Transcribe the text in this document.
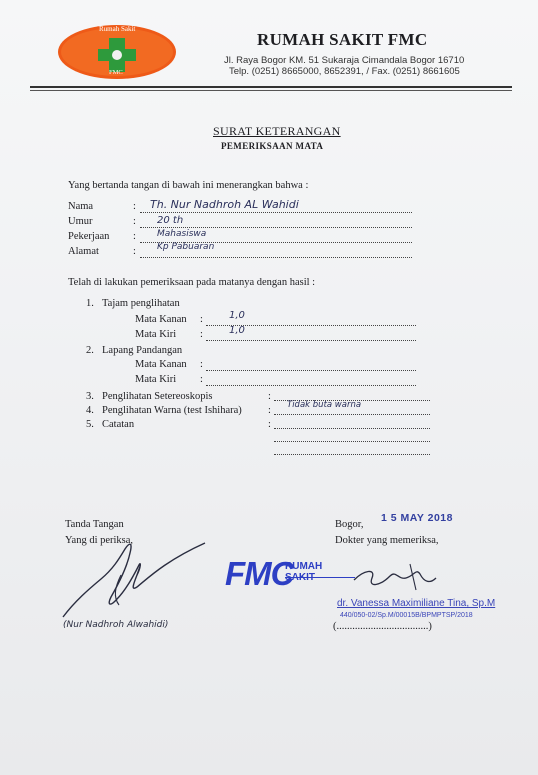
Rumah Sakit
FMC
RUMAH SAKIT FMC
Jl. Raya Bogor KM. 51 Sukaraja Cimandala Bogor 16710
Telp. (0251) 8665000, 8652391, / Fax. (0251) 8661605
SURAT KETERANGAN
PEMERIKSAAN MATA
Yang bertanda tangan di bawah ini menerangkan bahwa :
Nama	: Th. Nur Nadhroh AL Wahidi
Umur	: 20 th
Pekerjaan : Mahasiswa
Alamat	: Kp Pabuaran
Telah di lakukan pemeriksaan pada matanya dengan hasil :
1. Tajam penglihatan
Mata Kanan :	1,0
Mata Kiri :	1,0
2. Lapang Pandangan
Mata Kanan :
Mata Kiri :
3. Penglihatan Setereoskopis	:
4. Penglihatan Warna (test Ishihara) : Tidak buta warna
5. Catatan	:
Tanda Tangan
Yang di periksa,
(Nur Nadhroh Alwahidi)
Bogor,
1 5 MAY 2018
Dokter yang memeriksa,
FMC
RUMAH SAKIT
dr. Vanessa Maximiliane Tina, Sp.M
440/050-02/Sp.M/00015B/BPMPTSP/2018
(...................................)
